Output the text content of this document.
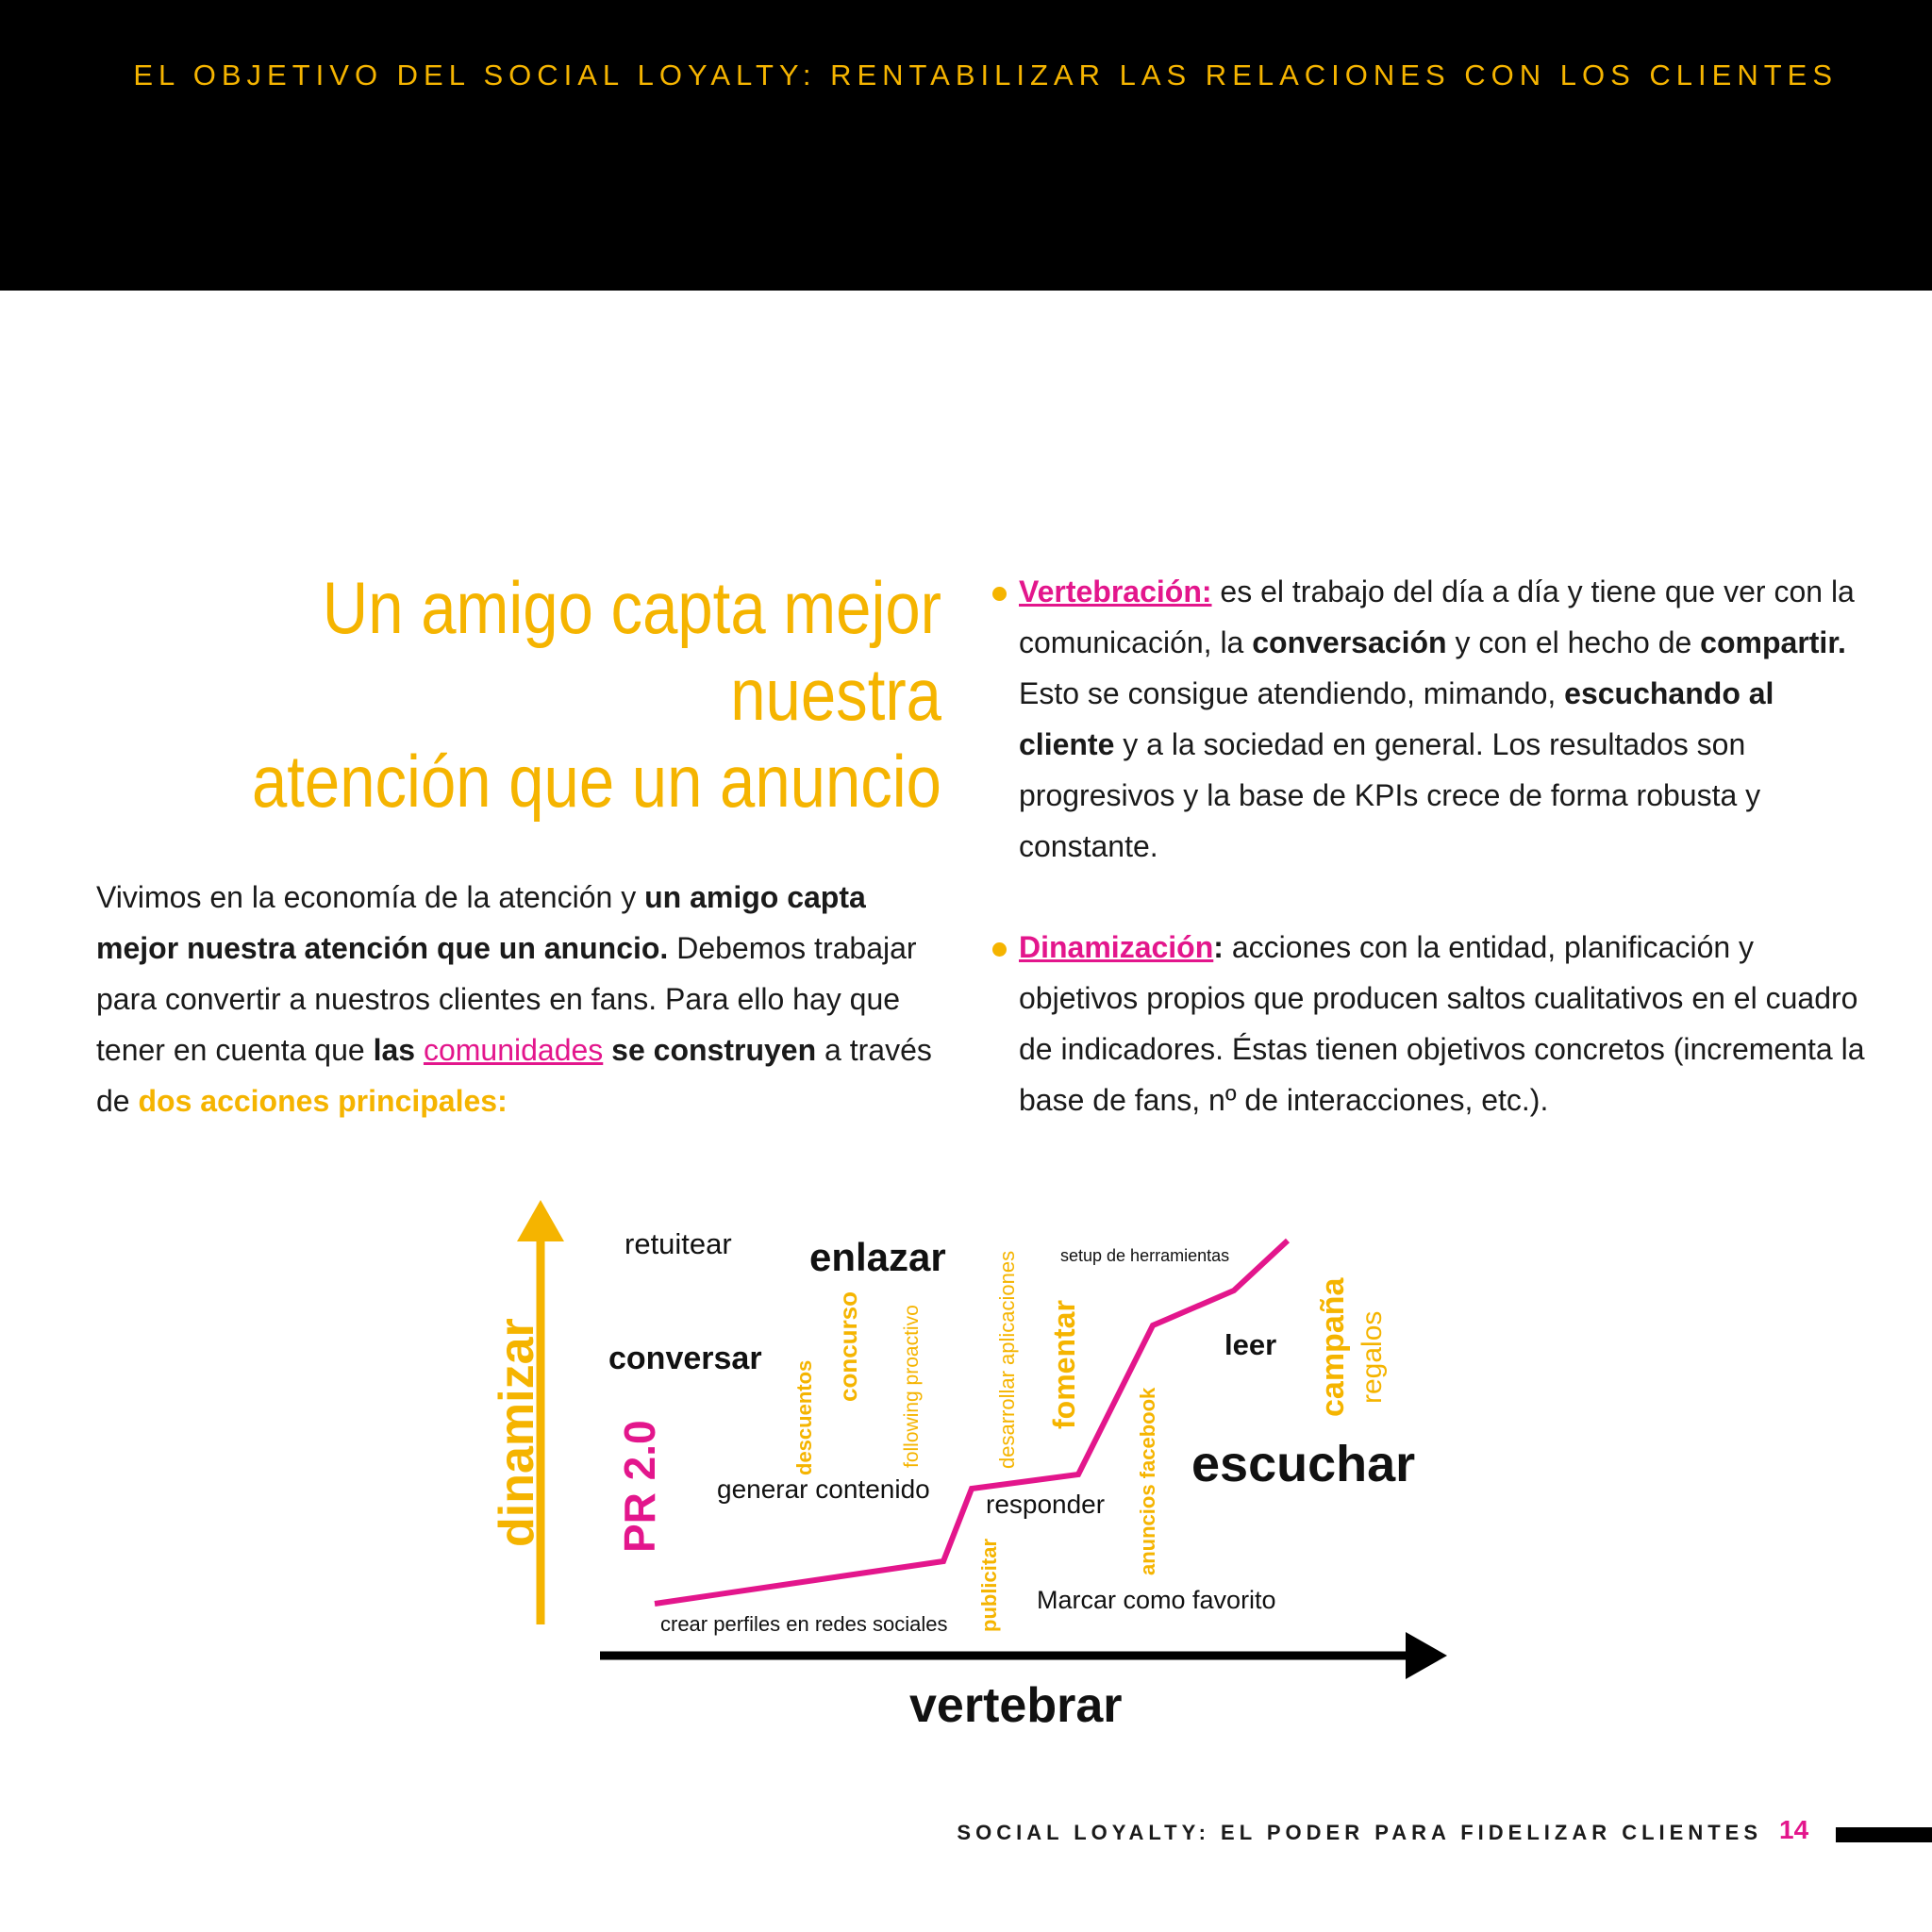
EL OBJETIVO DEL SOCIAL LOYALTY: RENTABILIZAR LAS RELACIONES CON LOS CLIENTES
Un amigo capta mejor nuestra
atención que un anuncio
Vivimos en la economía de la atención y un amigo capta mejor nuestra atención que un anuncio. Debemos trabajar para convertir a nuestros clientes en fans. Para ello hay que tener en cuenta que las comunidades se construyen a través de dos acciones principales:
Vertebración: es el trabajo del día a día y tiene que ver con la comunicación, la conversación y con el hecho de compartir. Esto se consigue atendiendo, mimando, escuchando al cliente y a la sociedad en general. Los resultados son progresivos y la base de KPIs crece de forma robusta y constante.
Dinamización: acciones con la entidad, planificación y objetivos propios que producen saltos cualitativos en el cuadro de indicadores. Éstas tienen objetivos concretos (incrementa la base de fans, nº de interacciones, etc.).
dinamizar
vertebrar
retuitear enlazar
conversar
PR 2.0
descuentos
concurso following proactivo	desarrollar aplicaciones fomentar
setup de herramientas
leer campaña regalos
generar contenido
responder anuncios facebook escuchar
publicitar Marcar como favorito
crear perfiles en redes sociales
SOCIAL LOYALTY: EL PODER PARA FIDELIZAR CLIENTES 14
